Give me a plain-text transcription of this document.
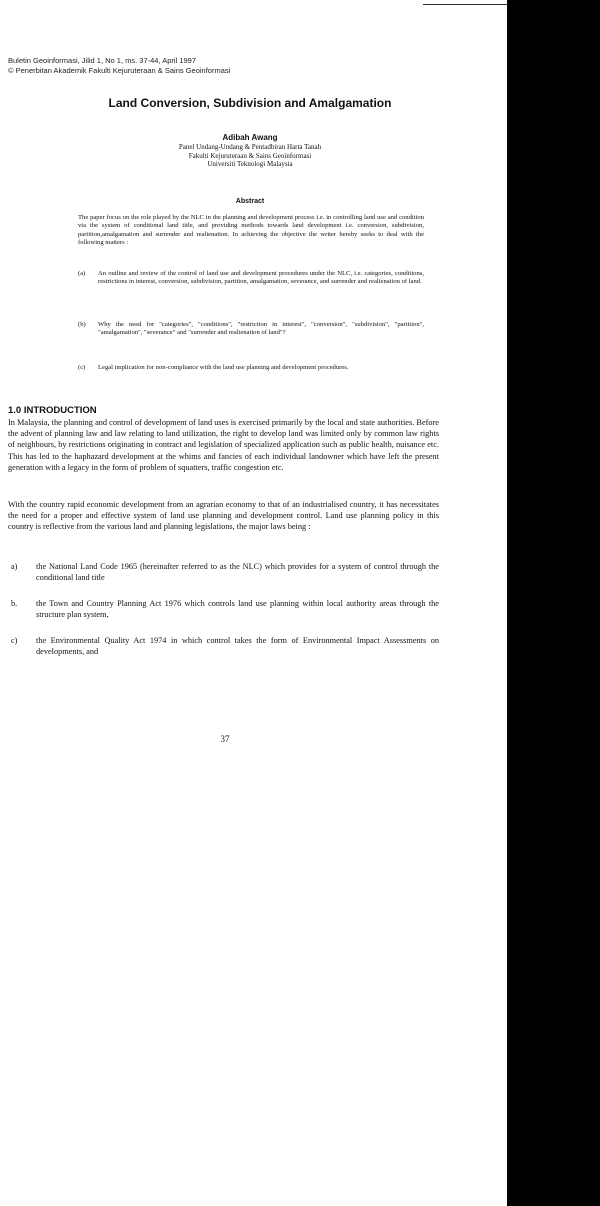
Buletin Geoinformasi, Jilid 1, No 1, ms. 37-44, April 1997
© Penerbitan Akademik Fakulti Kejuruteraan & Sains Geoinformasi
Land Conversion, Subdivision and Amalgamation
Adibah Awang
Panel Undang-Undang & Pentadbiran Harta Tanah
Fakulti Kejuruteraan & Sains Geoinformasi
Universiti Teknologi Malaysia
Abstract
The paper focus on the role played by the NLC in the planning and development process i.e. in controlling land use and condition via the system of conditional land title, and providing methods towards land development i.e. conversion, subdivision, partition,amalgamation and surrender and realienation. In achieving the objective the writer hereby seeks to deal with the following matters :
(a)	An outline and review of the control of land use and development procedures under the NLC, i.e. categories, conditions, restrictions in interest, conversion, subdivision, partition, amalgamation, severance, and surrender and realienation of land.
(b)	Why the need for "categories", "conditions", "restriction in interest", "conversion", "subdivision", "partition", "amalgamation", "severance" and "surrender and realienation of land"?
(c)	Legal implication for non-compliance with the land use planning and development procedures.
1.0 INTRODUCTION
In Malaysia, the planning and control of development of land uses is exercised primarily by the local and state authorities. Before the advent of planning law and law relating to land utilization, the right to develop land was limited only by common law rights of neighbours, by restrictions originating in contract and legislation of specialized application such as public health, nuisance etc. This has led to the haphazard development at the whims and fancies of each individual landowner which have left the present generation with a legacy in the form of problem of squatters, traffic congestion etc.
With the country rapid economic development from an agrarian economy to that of an industrialised country, it has necessitates the need for a proper and effective system of land use planning and development control. Land use planning policy in this country is reflective from the various land and planning legislations, the major laws being :
a)	the National Land Code 1965 (hereinafter referred to as the NLC) which provides for a system of control through the conditional land title
b.	the Town and Country Planning Act 1976 which controls land use planning within local authority areas through the structure plan system,
c)	the Environmental Quality Act 1974 in which control takes the form of Environmental Impact Assessments on developments, and
37
